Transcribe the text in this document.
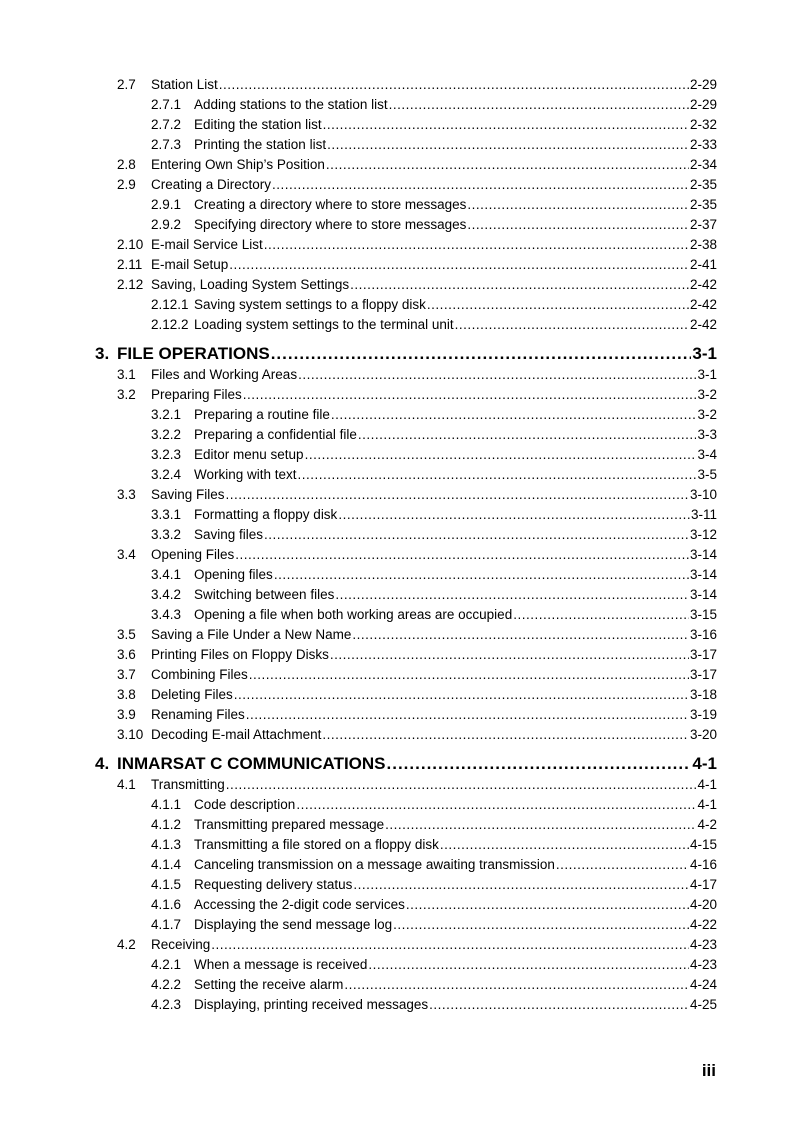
2.7	Station List .....	2-29
2.7.1 Adding stations to the station list .....	2-29
2.7.2 Editing the station list .....	2-32
2.7.3 Printing the station list .....	2-33
2.8	Entering Own Ship’s Position .....	2-34
2.9	Creating a Directory .....	2-35
2.9.1 Creating a directory where to store messages .....	2-35
2.9.2 Specifying directory where to store messages .....	2-37
2.10 E-mail Service List .....	2-38
2.11 E-mail Setup .....	2-41
2.12 Saving, Loading System Settings .....	2-42
2.12.1 Saving system settings to a floppy disk .....	2-42
2.12.2 Loading system settings to the terminal unit .....	2-42
3. FILE OPERATIONS .....	3-1
3.1	Files and Working Areas .....	3-1
3.2	Preparing Files .....	3-2
3.2.1 Preparing a routine file .....	3-2
3.2.2 Preparing a confidential file .....	3-3
3.2.3 Editor menu setup .....	3-4
3.2.4 Working with text .....	3-5
3.3	Saving Files .....	3-10
3.3.1 Formatting a floppy disk .....	3-11
3.3.2 Saving files .....	3-12
3.4	Opening Files .....	3-14
3.4.1 Opening files .....	3-14
3.4.2 Switching between files .....	3-14
3.4.3 Opening a file when both working areas are occupied .....	3-15
3.5	Saving a File Under a New Name .....	3-16
3.6	Printing Files on Floppy Disks .....	3-17
3.7	Combining Files .....	3-17
3.8	Deleting Files .....	3-18
3.9	Renaming Files .....	3-19
3.10 Decoding E-mail Attachment .....	3-20
4. INMARSAT C COMMUNICATIONS .....	4-1
4.1	Transmitting .....	4-1
4.1.1 Code description .....	4-1
4.1.2 Transmitting prepared message .....	4-2
4.1.3 Transmitting a file stored on a floppy disk .....	4-15
4.1.4 Canceling transmission on a message awaiting transmission .....	4-16
4.1.5 Requesting delivery status .....	4-17
4.1.6 Accessing the 2-digit code services .....	4-20
4.1.7 Displaying the send message log .....	4-22
4.2	Receiving .....	4-23
4.2.1 When a message is received .....	4-23
4.2.2 Setting the receive alarm .....	4-24
4.2.3 Displaying, printing received messages .....	4-25
iii
